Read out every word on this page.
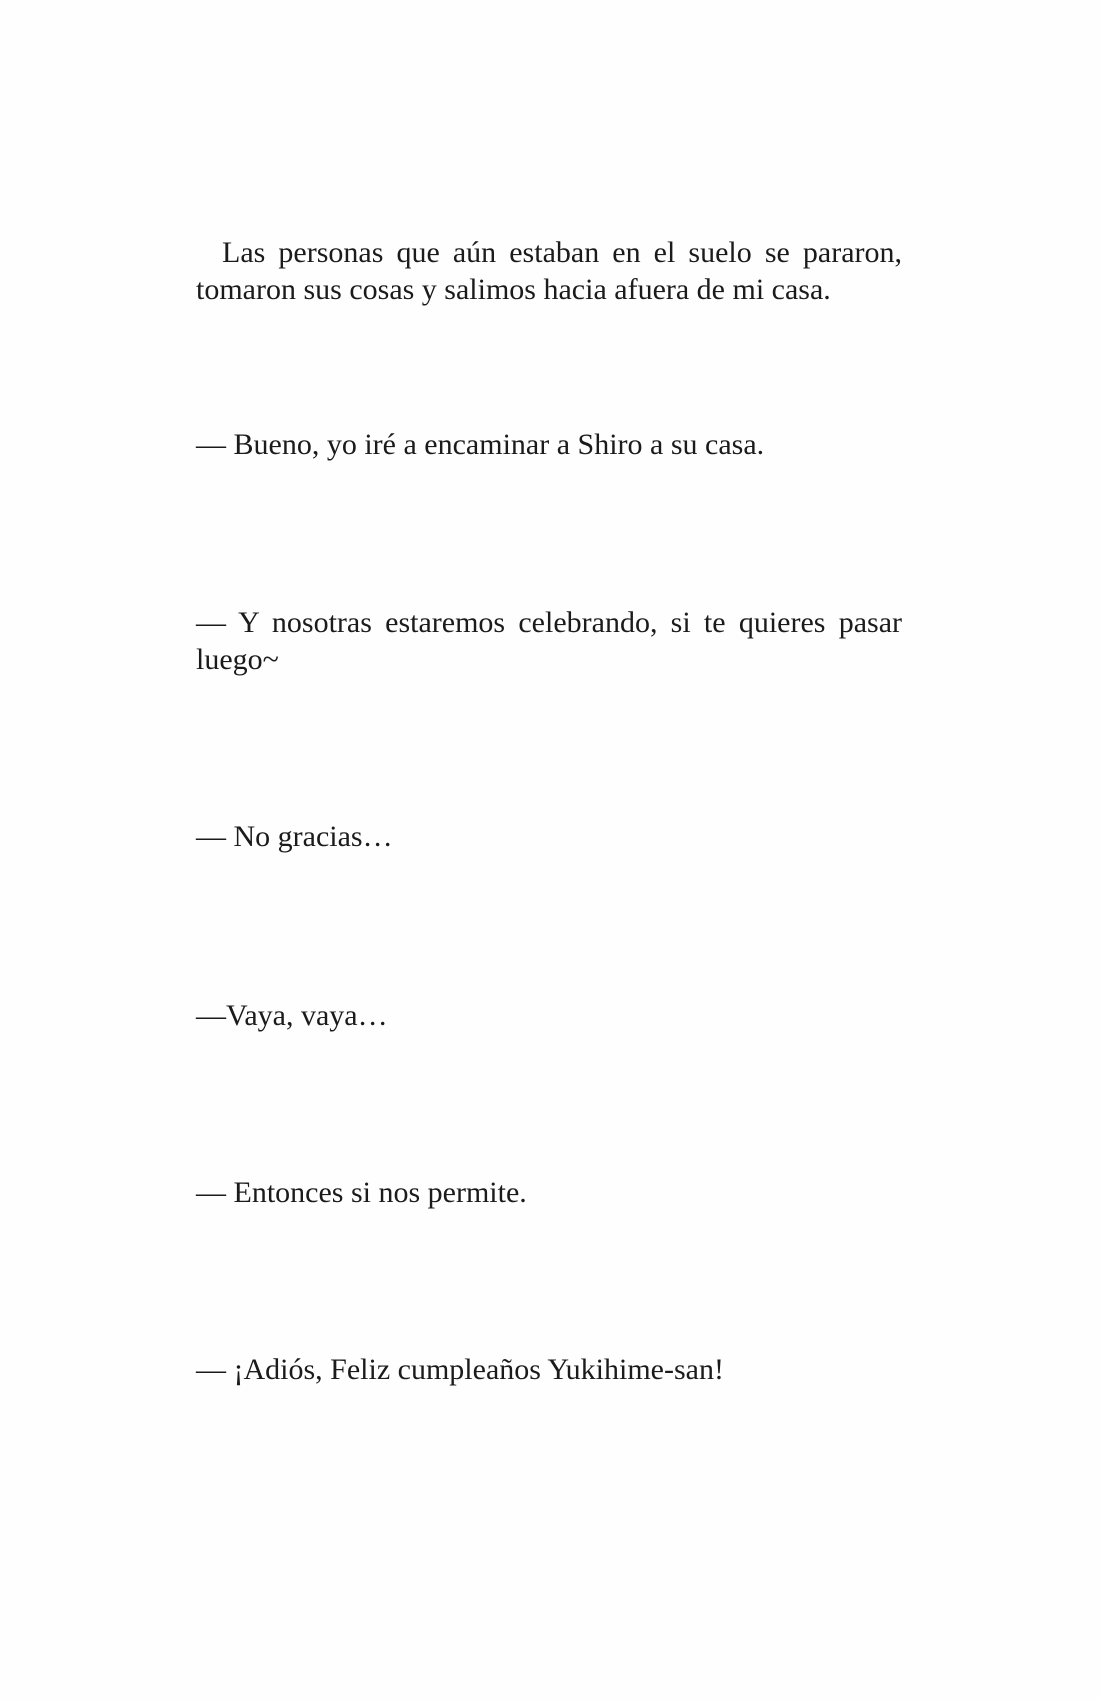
Las personas que aún estaban en el suelo se pararon, tomaron sus cosas y salimos hacia afuera de mi casa.

— Bueno, yo iré a encaminar a Shiro a su casa.

— Y nosotras estaremos celebrando, si te quieres pasar luego~

— No gracias…

—Vaya, vaya…

— Entonces si nos permite.

— ¡Adiós, Feliz cumpleaños Yukihime-san!
